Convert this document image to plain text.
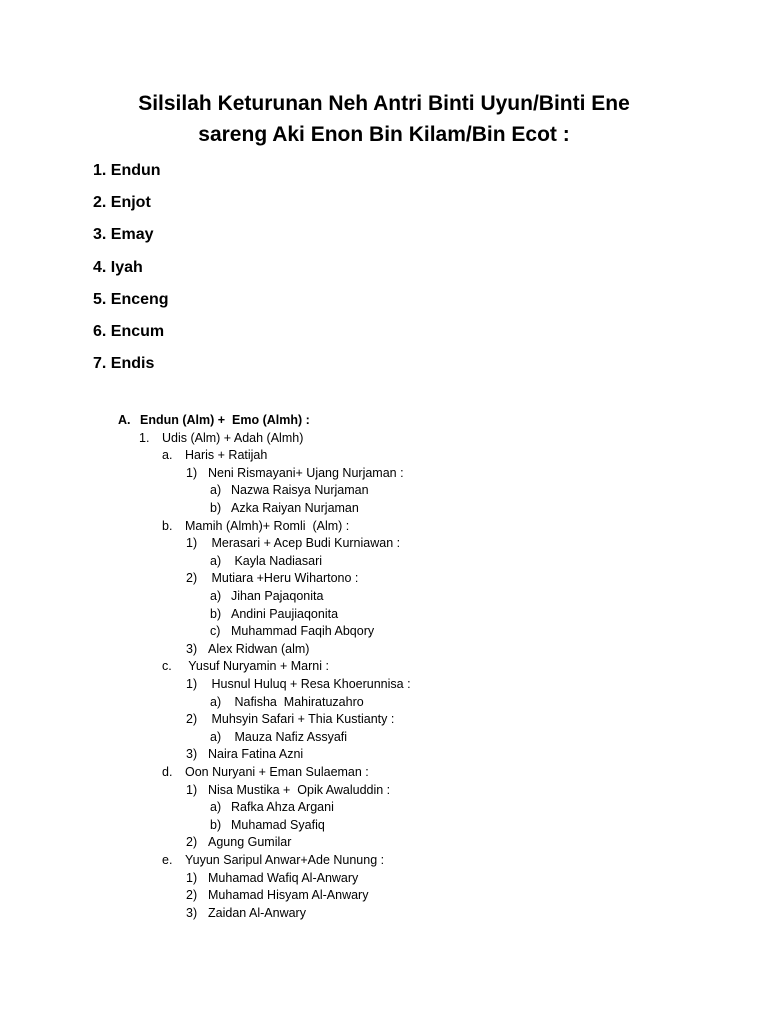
Silsilah Keturunan Neh Antri Binti Uyun/Binti Ene
sareng Aki Enon Bin Kilam/Bin Ecot :
1. Endun
2. Enjot
3. Emay
4. Iyah
5. Enceng
6. Encum
7. Endis
A. Endun (Alm) +  Emo (Almh) :
1. Udis (Alm) + Adah (Almh)
a. Haris + Ratijah
1) Neni Rismayani+ Ujang Nurjaman :
a) Nazwa Raisya Nurjaman
b) Azka Raiyan Nurjaman
b. Mamih (Almh)+ Romli  (Alm) :
1) Merasari + Acep Budi Kurniawan :
a) Kayla Nadiasari
2) Mutiara +Heru Wihartono :
a) Jihan Pajaqonita
b) Andini Paujiaqonita
c) Muhammad Faqih Abqory
3) Alex Ridwan (alm)
c. Yusuf Nuryamin + Marni :
1) Husnul Huluq + Resa Khoerunnisa :
a) Nafisha  Mahiratuzahro
2) Muhsyin Safari + Thia Kustianty :
a) Mauza Nafiz Assyafi
3) Naira Fatina Azni
d. Oon Nuryani + Eman Sulaeman :
1) Nisa Mustika +  Opik Awaluddin :
a) Rafka Ahza Argani
b) Muhamad Syafiq
2) Agung Gumilar
e. Yuyun Saripul Anwar+Ade Nunung :
1) Muhamad Wafiq Al-Anwary
2) Muhamad Hisyam Al-Anwary
3) Zaidan Al-Anwary
